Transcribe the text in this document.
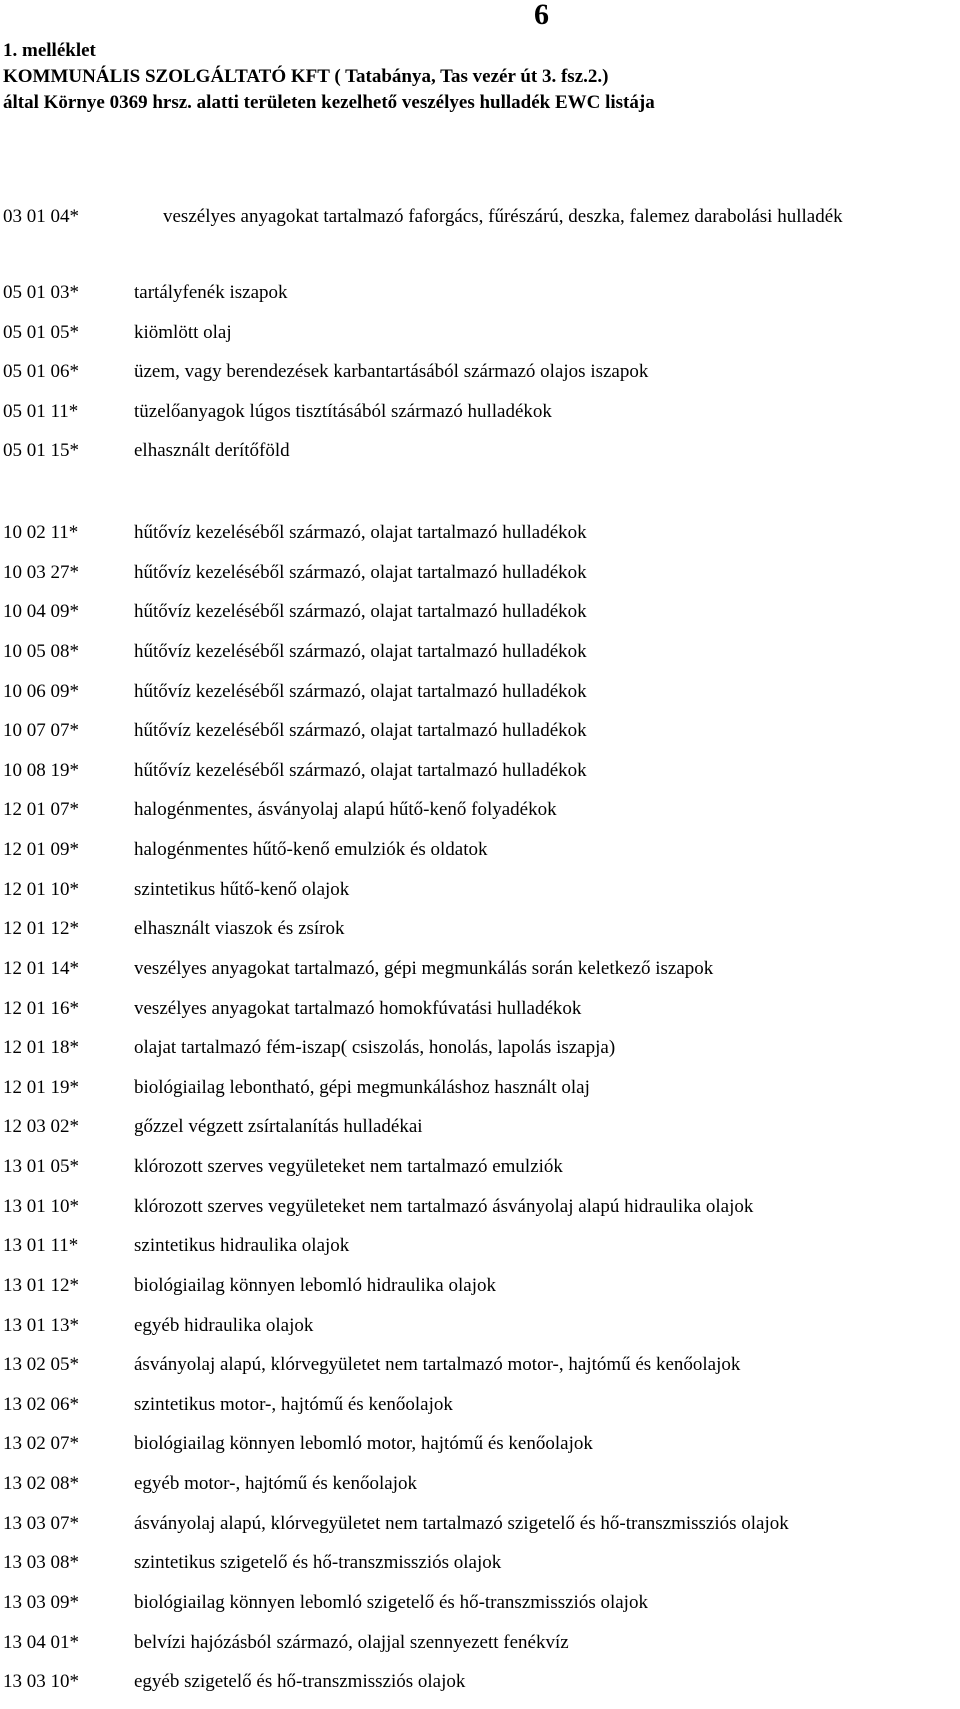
6
1. melléklet
KOMMUNÁLIS SZOLGÁLTATÓ KFT ( Tatabánya, Tas vezér út 3. fsz.2.)
által Környe 0369 hrsz. alatti területen kezelhető veszélyes hulladék EWC listája
03 01 04*	veszélyes anyagokat tartalmazó faforgács, fűrészárú, deszka, falemez darabolási hulladék
05 01 03*	tartályfenék iszapok
05 01 05*	kiömlött olaj
05 01 06*	üzem, vagy berendezések karbantartásából származó olajos iszapok
05 01 11*	tüzelőanyagok lúgos tisztításából származó hulladékok
05 01 15*	elhasznált derítőföld
10 02 11*	hűtővíz kezeléséből származó, olajat tartalmazó hulladékok
10 03 27*	hűtővíz kezeléséből származó, olajat tartalmazó hulladékok
10 04 09*	hűtővíz kezeléséből származó, olajat tartalmazó hulladékok
10 05 08*	hűtővíz kezeléséből származó, olajat tartalmazó hulladékok
10 06 09*	hűtővíz kezeléséből származó, olajat tartalmazó hulladékok
10 07 07*	hűtővíz kezeléséből származó, olajat tartalmazó hulladékok
10 08 19*	hűtővíz kezeléséből származó, olajat tartalmazó hulladékok
12 01 07*	halogénmentes, ásványolaj alapú hűtő-kenő folyadékok
12 01 09*	halogénmentes hűtő-kenő emulziók és oldatok
12 01 10*	szintetikus hűtő-kenő olajok
12 01 12*	elhasznált viaszok és zsírok
12 01 14*	veszélyes anyagokat tartalmazó, gépi megmunkálás során keletkező iszapok
12 01 16*	veszélyes anyagokat tartalmazó homokfúvatási hulladékok
12 01 18*	olajat tartalmazó fém-iszap( csiszolás, honolás, lapolás iszapja)
12 01 19*	biológiailag lebontható, gépi megmunkáláshoz használt olaj
12 03 02*	gőzzel végzett zsírtalanítás hulladékai
13 01 05*	klórozott szerves vegyületeket nem tartalmazó emulziók
13 01 10*	klórozott szerves vegyületeket nem tartalmazó ásványolaj alapú hidraulika olajok
13 01 11*	szintetikus hidraulika olajok
13 01 12*	biológiailag könnyen lebomló hidraulika olajok
13 01 13*	egyéb hidraulika olajok
13 02 05*	ásványolaj alapú, klórvegyületet nem tartalmazó motor-, hajtómű és kenőolajok
13 02 06*	szintetikus motor-, hajtómű és kenőolajok
13 02 07*	biológiailag könnyen lebomló motor, hajtómű és kenőolajok
13 02 08*	egyéb motor-, hajtómű és kenőolajok
13 03 07*	ásványolaj alapú, klórvegyületet nem tartalmazó szigetelő és hő-transzmissziós olajok
13 03 08*	szintetikus szigetelő és hő-transzmissziós olajok
13 03 09*	biológiailag könnyen lebomló szigetelő és hő-transzmissziós olajok
13 04 01*	belvízi hajózásból származó, olajjal szennyezett fenékvíz
13 03 10*	egyéb szigetelő és hő-transzmissziós olajok
